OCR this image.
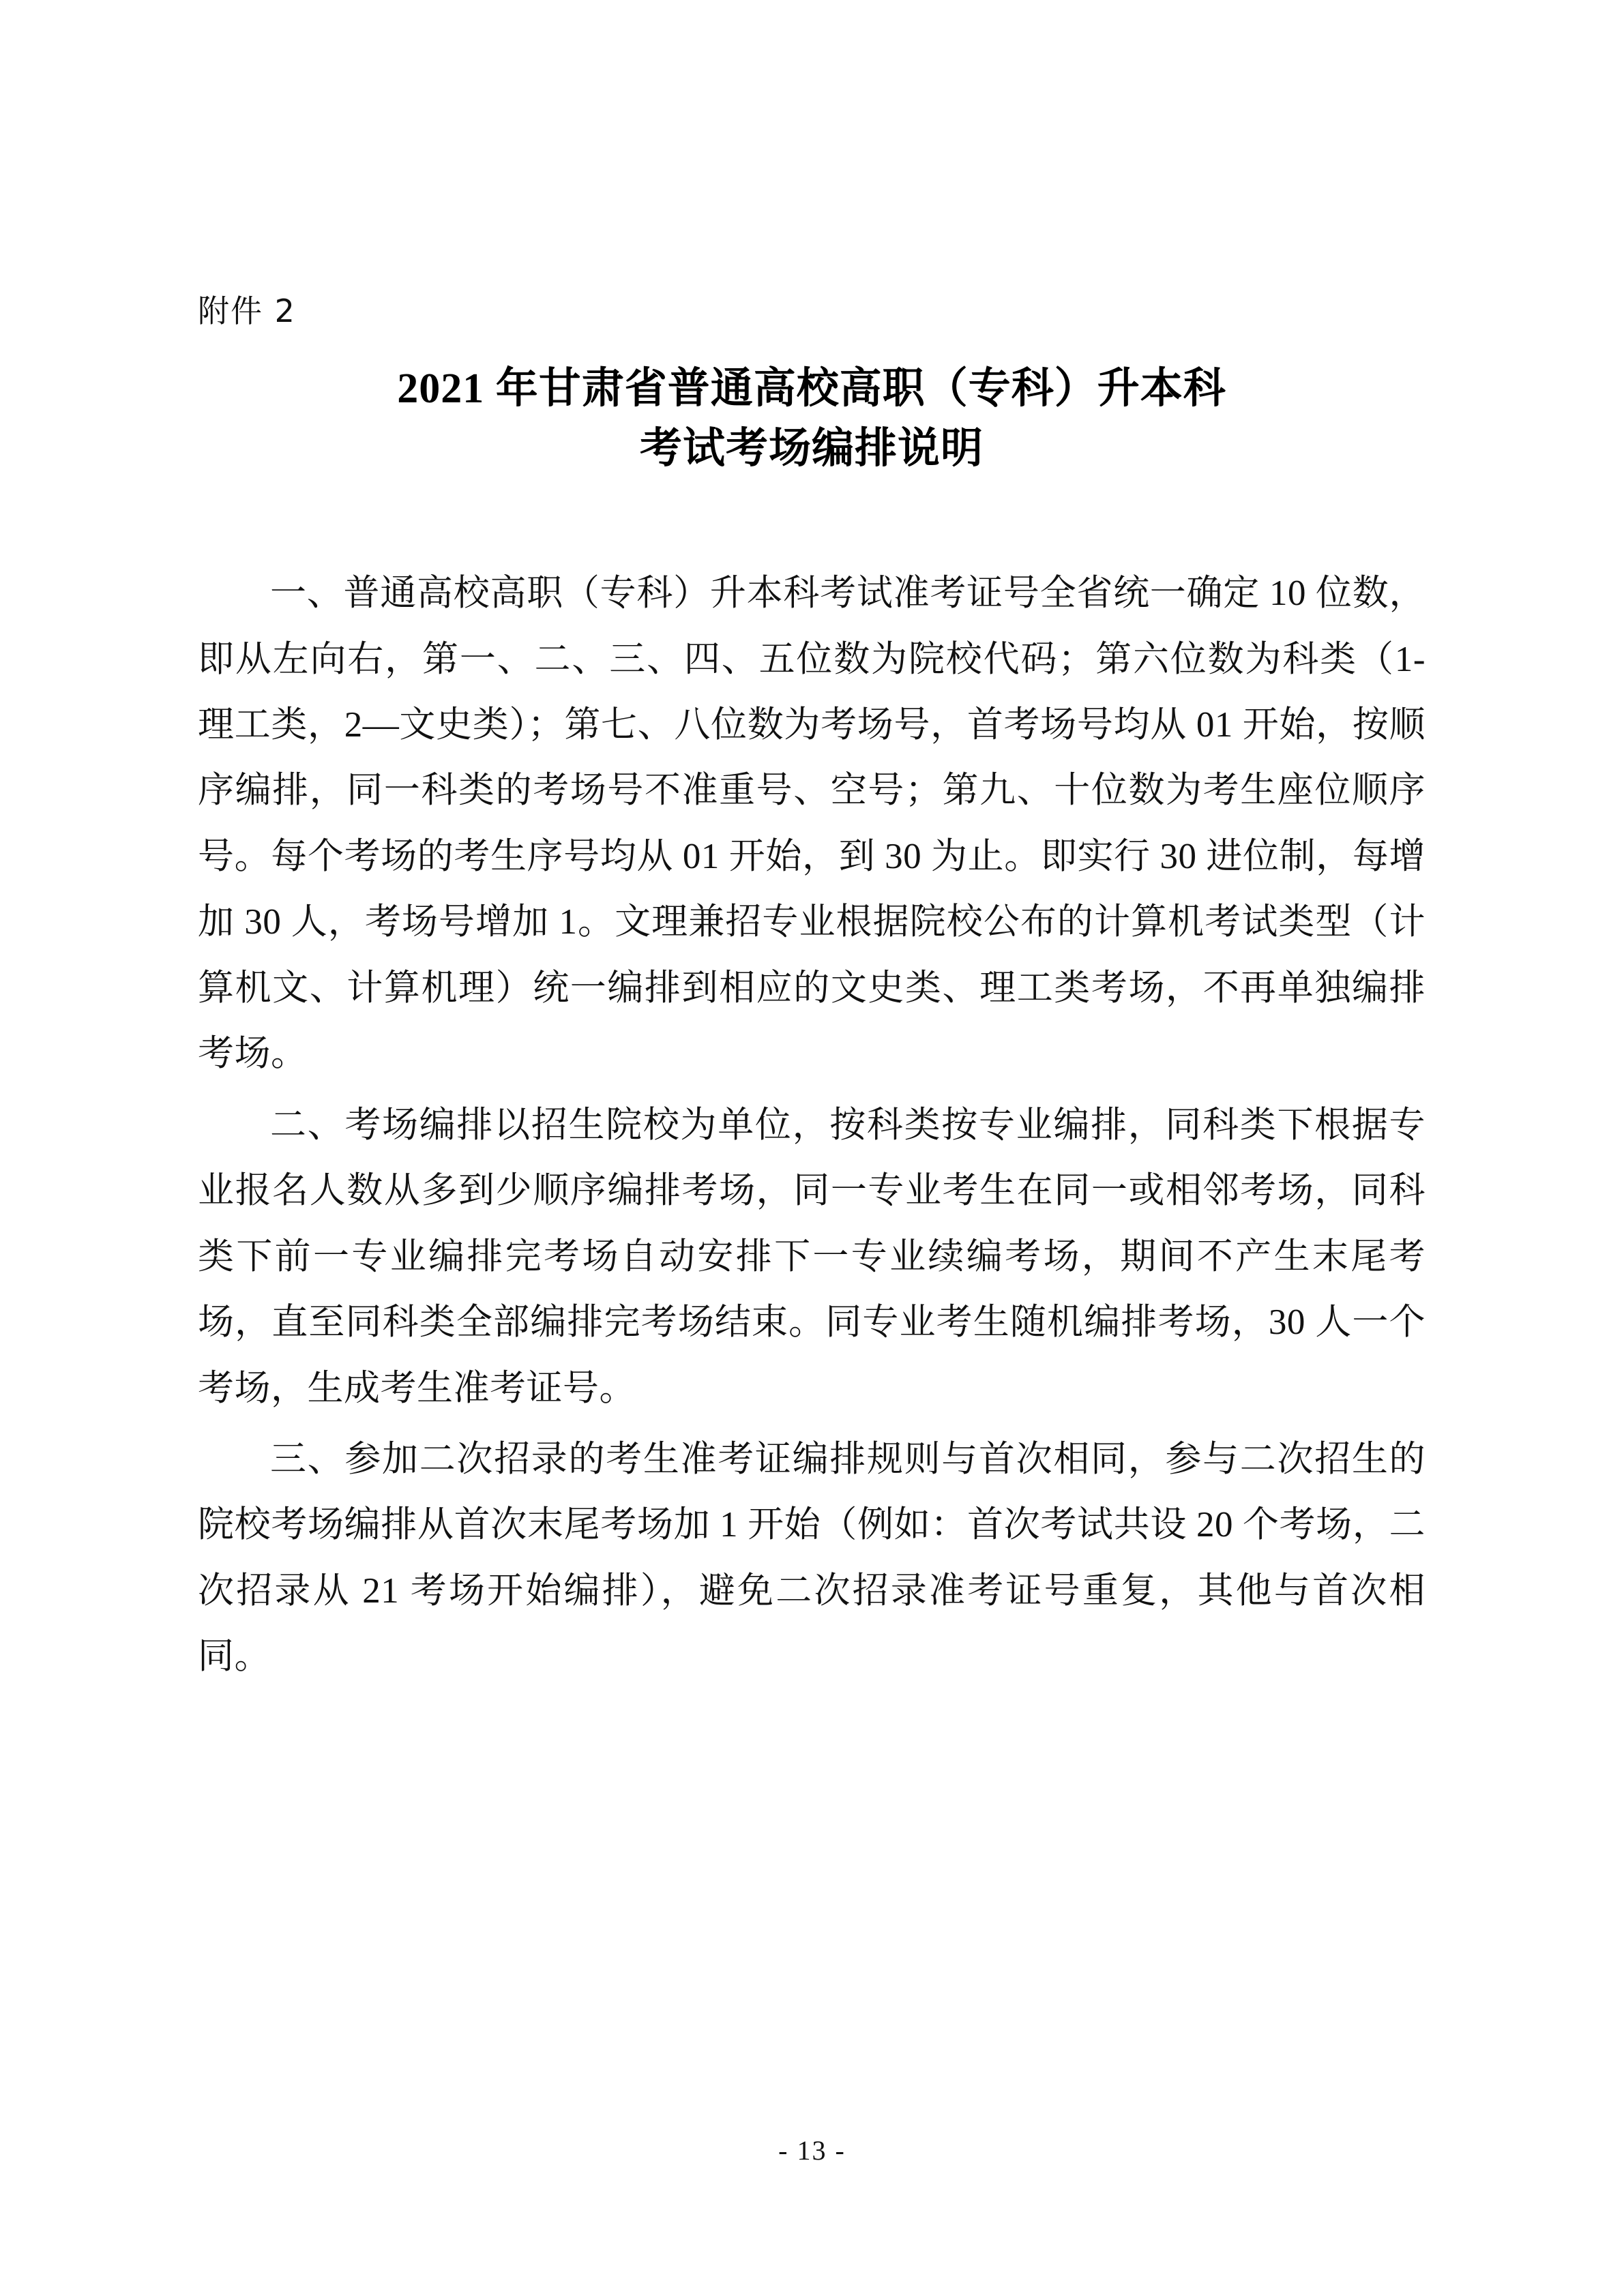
附件 2
2021 年甘肃省普通高校高职（专科）升本科
考试考场编排说明

一、普通高校高职（专科）升本科考试准考证号全省统一确定 10 位数，即从左向右，第一、二、三、四、五位数为院校代码；第六位数为科类（1-理工类，2—文史类）；第七、八位数为考场号，首考场号均从 01 开始，按顺序编排，同一科类的考场号不准重号、空号；第九、十位数为考生座位顺序号。每个考场的考生序号均从 01 开始，到 30 为止。即实行 30 进位制，每增加 30 人，考场号增加 1。文理兼招专业根据院校公布的计算机考试类型（计算机文、计算机理）统一编排到相应的文史类、理工类考场，不再单独编排考场。

二、考场编排以招生院校为单位，按科类按专业编排，同科类下根据专业报名人数从多到少顺序编排考场，同一专业考生在同一或相邻考场，同科类下前一专业编排完考场自动安排下一专业续编考场，期间不产生末尾考场，直至同科类全部编排完考场结束。同专业考生随机编排考场，30 人一个考场，生成考生准考证号。

三、参加二次招录的考生准考证编排规则与首次相同，参与二次招生的院校考场编排从首次末尾考场加 1 开始（例如：首次考试共设 20 个考场，二次招录从 21 考场开始编排），避免二次招录准考证号重复，其他与首次相同。

- 13 -
